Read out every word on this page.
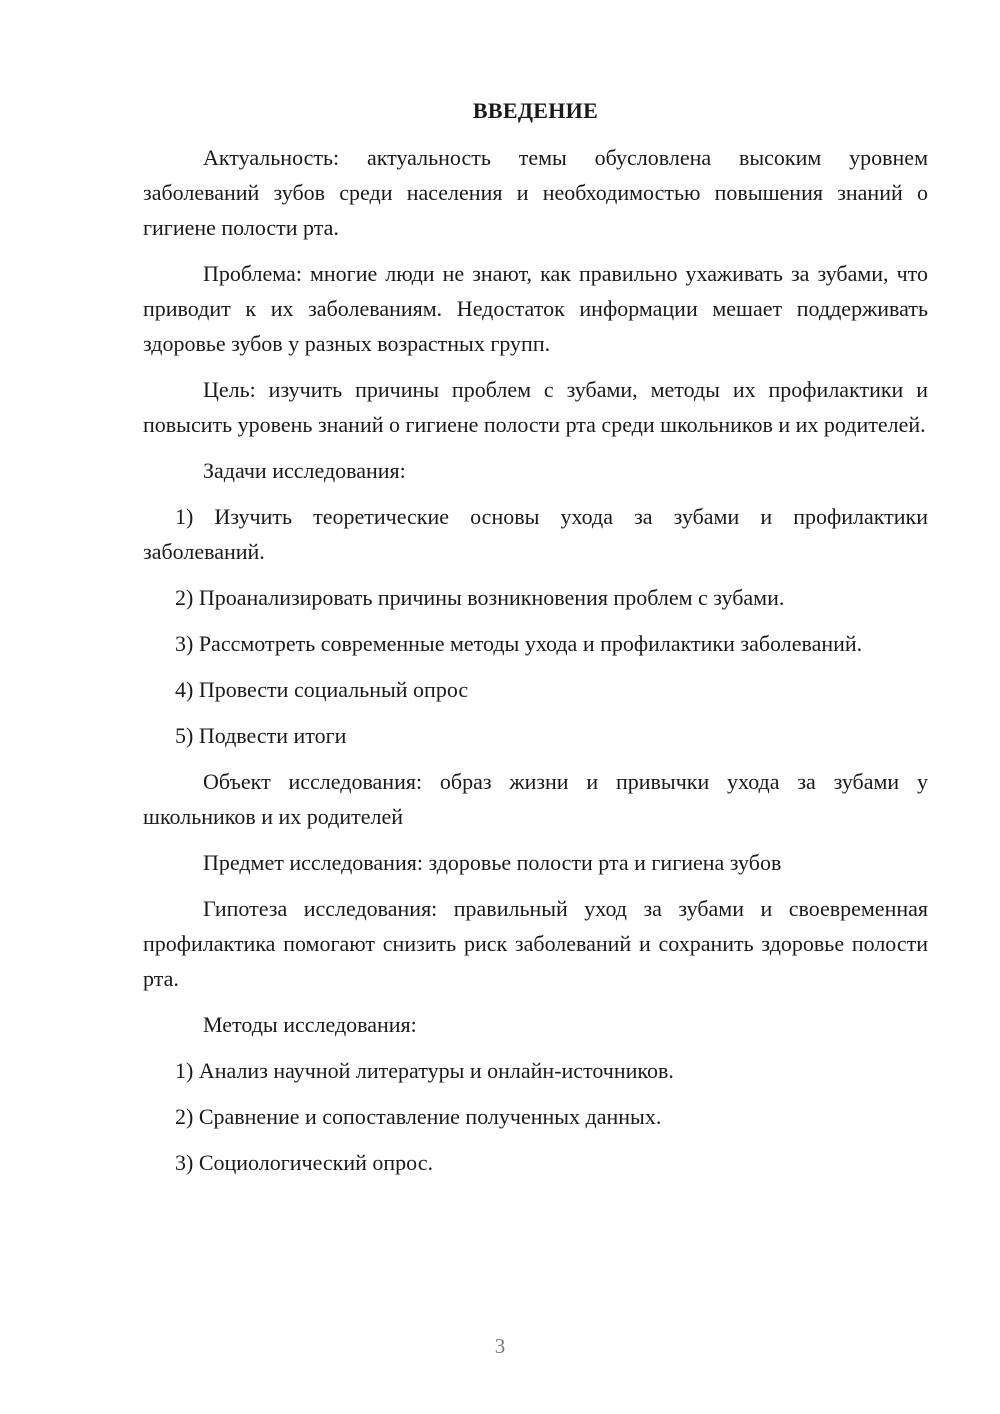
ВВЕДЕНИЕ

Актуальность: актуальность темы обусловлена высоким уровнем заболеваний зубов среди населения и необходимостью повышения знаний о гигиене полости рта.

Проблема: многие люди не знают, как правильно ухаживать за зубами, что приводит к их заболеваниям. Недостаток информации мешает поддерживать здоровье зубов у разных возрастных групп.

Цель: изучить причины проблем с зубами, методы их профилактики и повысить уровень знаний о гигиене полости рта среди школьников и их родителей.

Задачи исследования:

1) Изучить теоретические основы ухода за зубами и профилактики заболеваний.

2) Проанализировать причины возникновения проблем с зубами.

3) Рассмотреть современные методы ухода и профилактики заболеваний.

4) Провести социальный опрос

5) Подвести итоги

Объект исследования: образ жизни и привычки ухода за зубами у школьников и их родителей

Предмет исследования: здоровье полости рта и гигиена зубов

Гипотеза исследования: правильный уход за зубами и своевременная профилактика помогают снизить риск заболеваний и сохранить здоровье полости рта.

Методы исследования:

1) Анализ научной литературы и онлайн-источников.

2) Сравнение и сопоставление полученных данных.

3) Социологический опрос.

3
